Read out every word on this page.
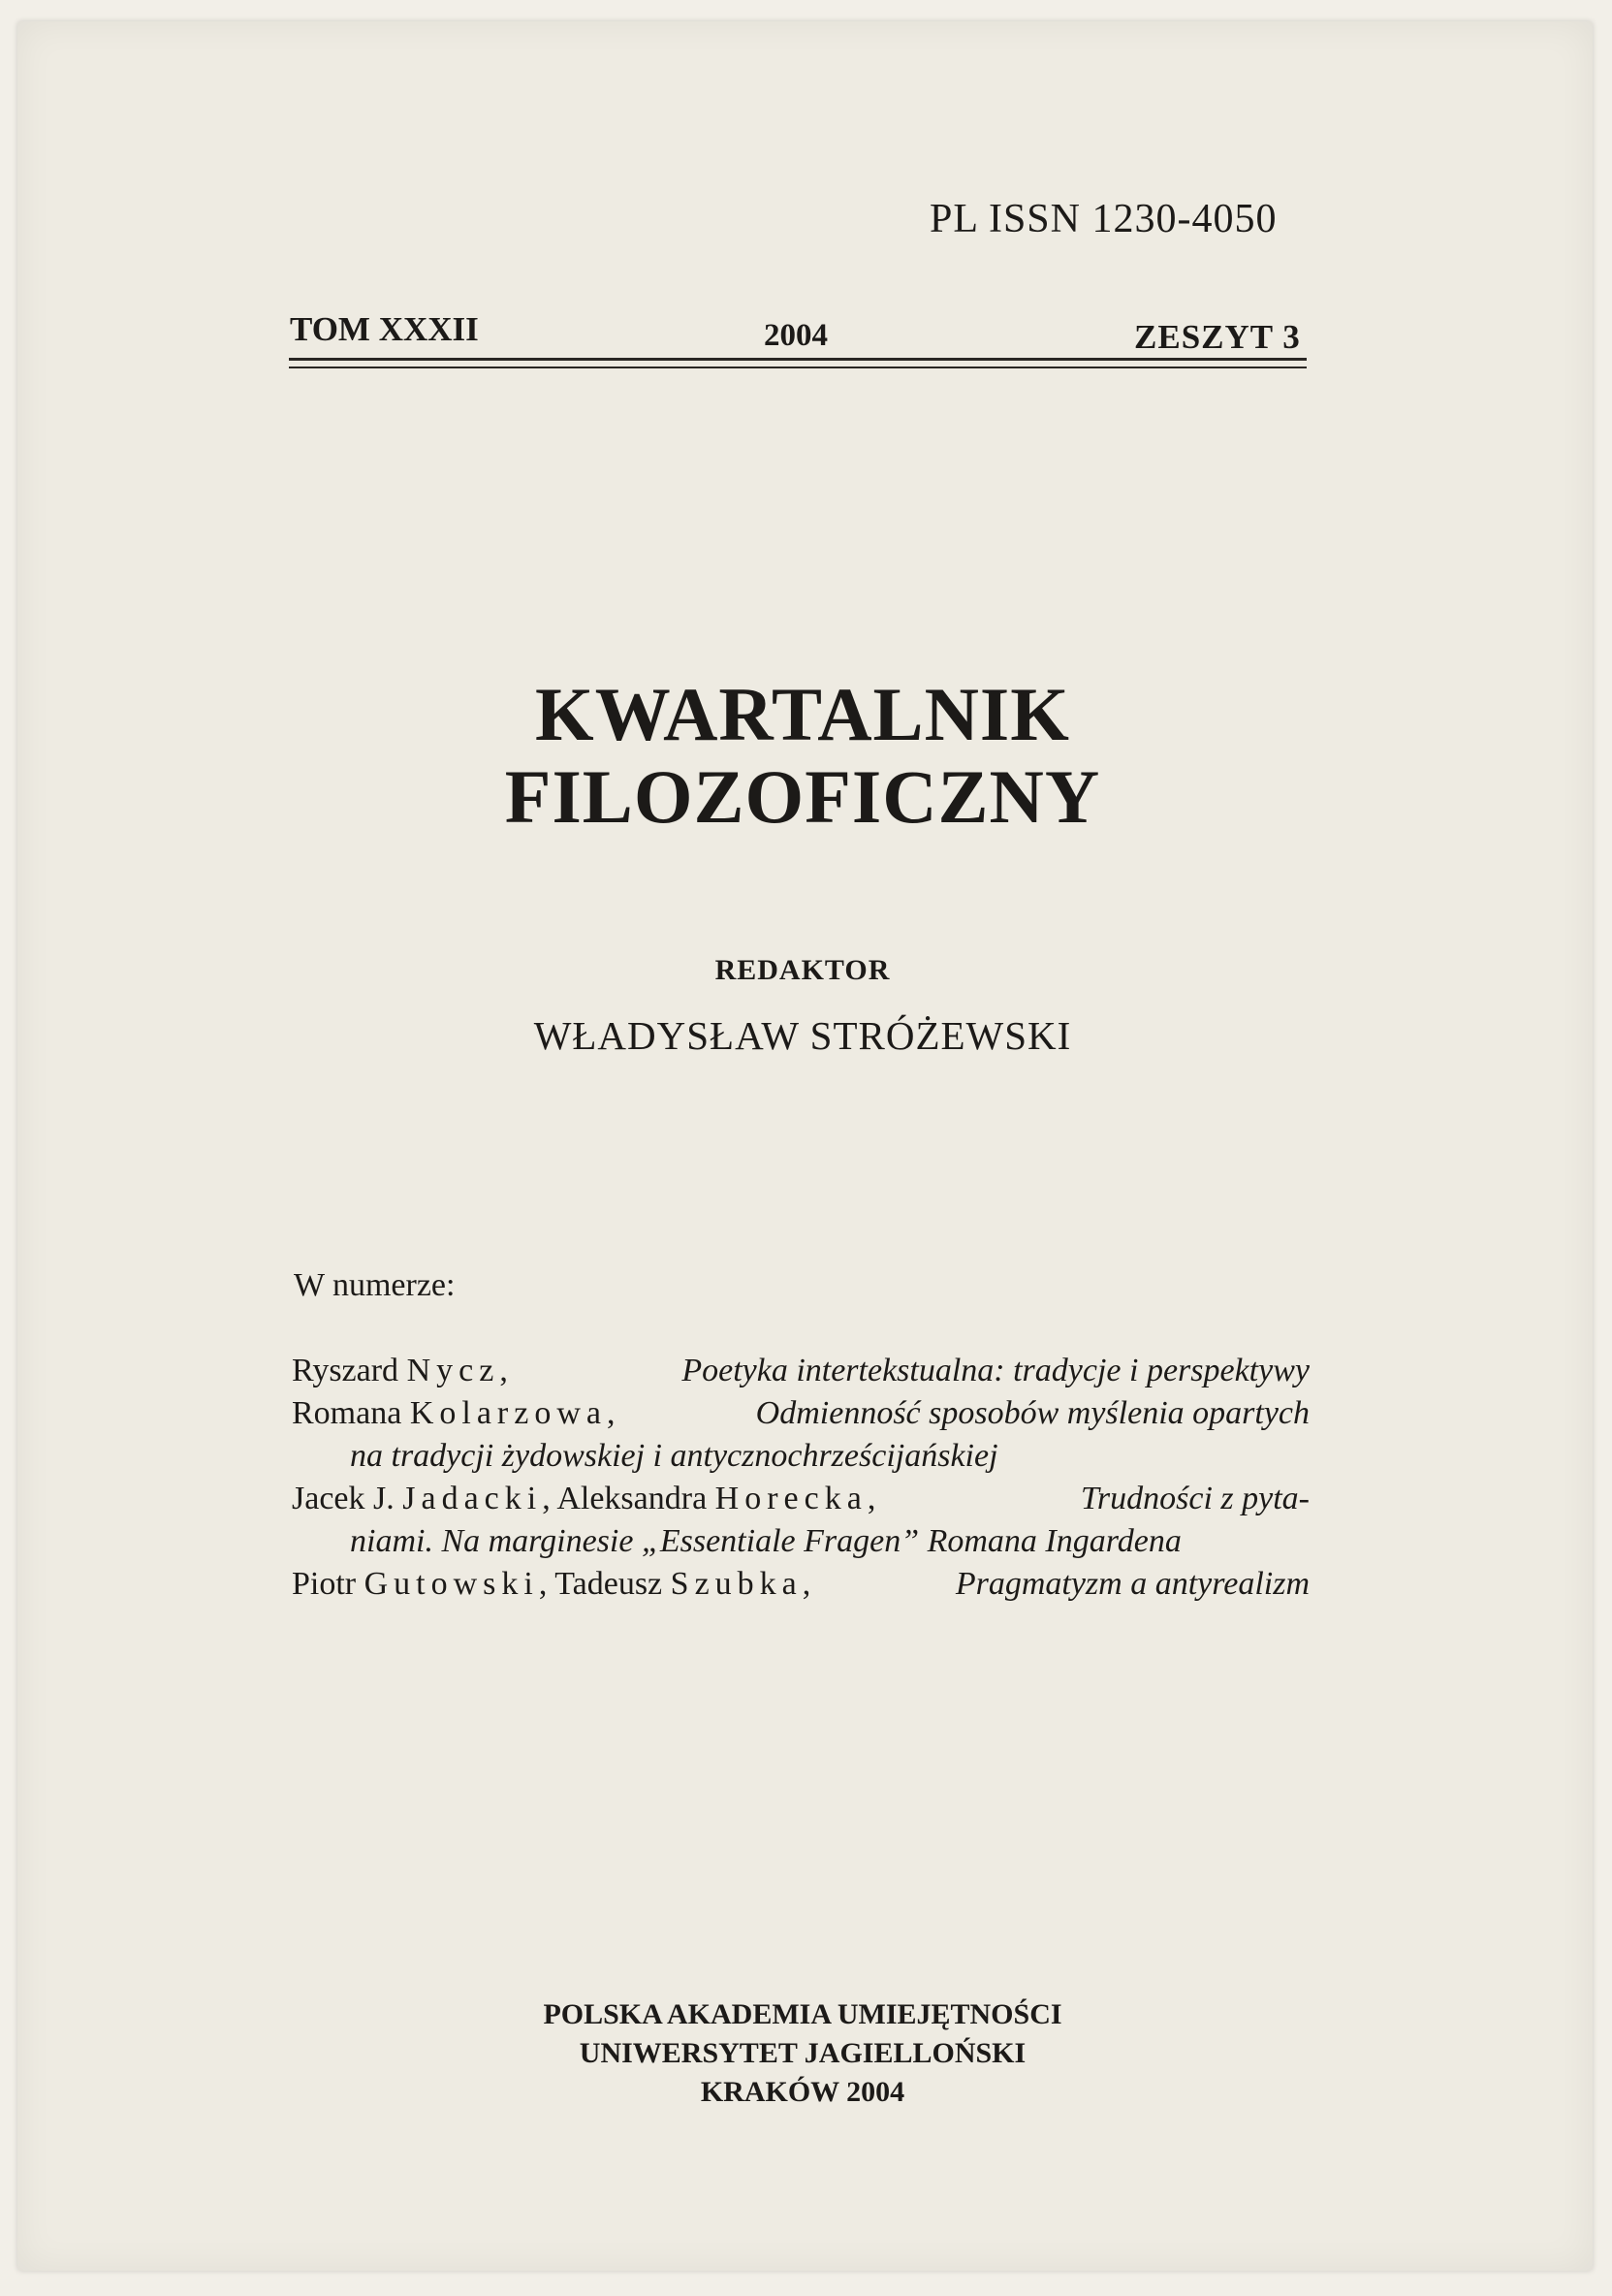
PL ISSN 1230-4050
TOM XXXII	2004	ZESZYT 3
KWARTALNIK
FILOZOFICZNY
REDAKTOR
WŁADYSŁAW STRÓŻEWSKI
W numerze:
Ryszard Nycz,	Poetyka intertekstualna: tradycje i perspektywy
Romana Kolarzowa,	Odmienność sposobów myślenia opartych
na tradycji żydowskiej i antycznochrześcijańskiej
Jacek J. Jadacki, Aleksandra Horecka,	Trudności z pyta-
niami. Na marginesie „Essentiale Fragen” Romana Ingardena
Piotr Gutowski, Tadeusz Szubka,	Pragmatyzm a antyrealizm
POLSKA AKADEMIA UMIEJĘTNOŚCI
UNIWERSYTET JAGIELLOŃSKI
KRAKÓW 2004
